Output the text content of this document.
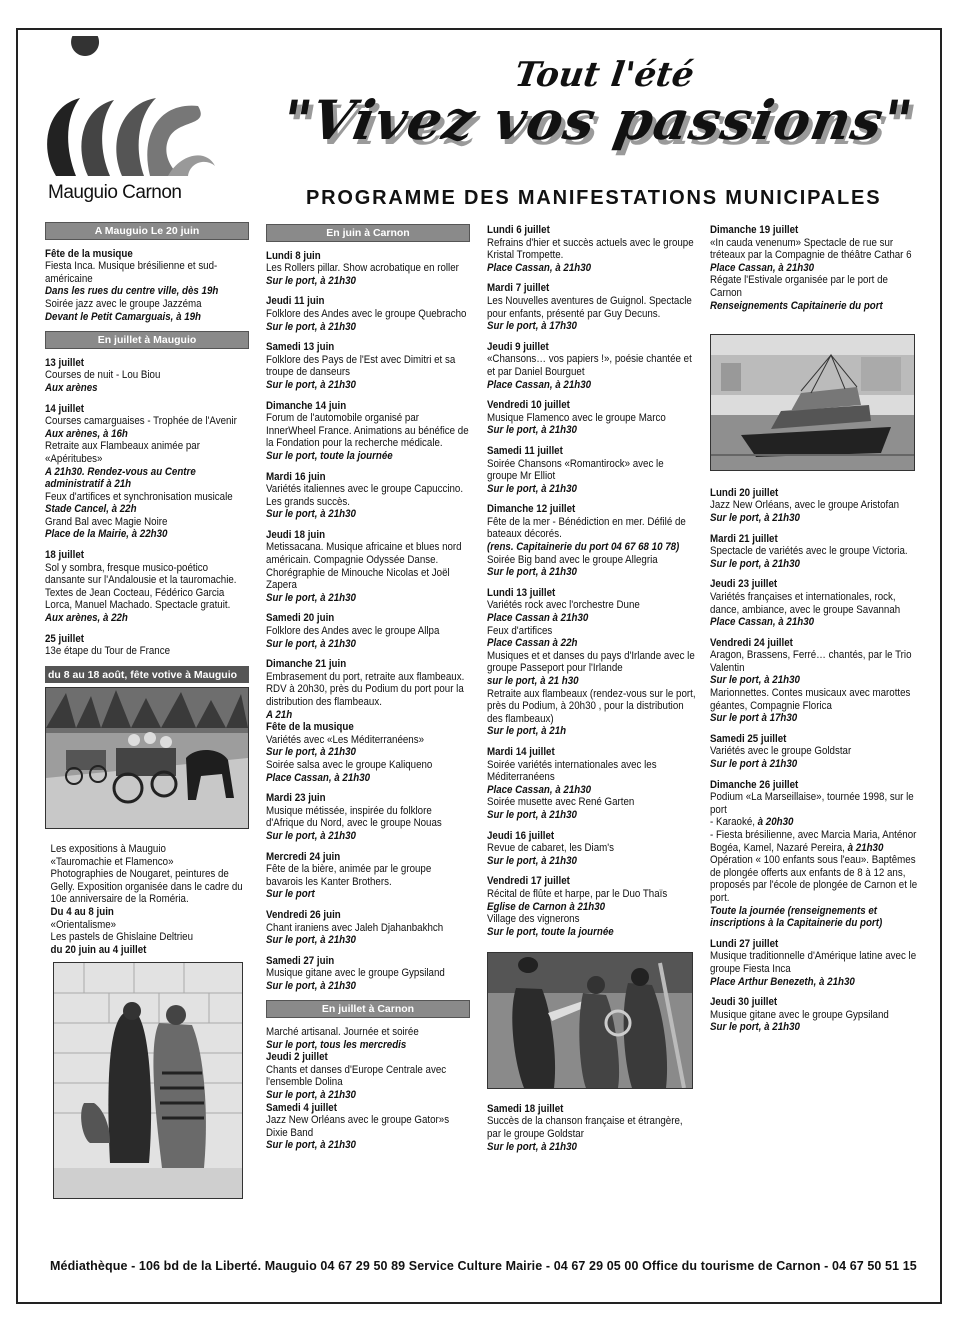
Mauguio Carnon
Tout l'été
"Vivez vos passions"
PROGRAMME DES MANIFESTATIONS MUNICIPALES
A Mauguio Le 20 juin
Fête de la musique
Fiesta Inca. Musique brésilienne et sud-américaine
Dans les rues du centre ville, dès 19h
Soirée jazz avec le groupe Jazzéma
Devant le Petit Camarguais, à 19h
En juillet à Mauguio
13 juillet
Courses de nuit - Lou Biou
Aux arènes
14 juillet
Courses camarguaises - Trophée de l'Avenir
Aux arènes, à 16h
Retraite aux Flambeaux animée par «Apéritubes»
A 21h30. Rendez-vous au Centre administratif à 21h
Feux d'artifices et synchronisation musicale
Stade Cancel, à 22h
Grand Bal avec Magie Noire
Place de la Mairie, à 22h30
18 juillet
Sol y sombra, fresque musico-poético dansante sur l'Andalousie et la tauromachie. Textes de Jean Cocteau, Fédérico Garcia Lorca, Manuel Machado. Spectacle gratuit.
Aux arènes, à 22h
25 juillet
13e étape du Tour de France
du 8 au 18 août, fête votive à Mauguio
Les expositions à Mauguio
«Tauromachie et Flamenco»
Photographies de Nougaret, peintures de Gelly. Exposition organisée dans le cadre du 10e anniversaire de la Roméria.
Du 4 au 8 juin
«Orientalisme»
Les pastels de Ghislaine Deltrieu
du 20 juin au 4 juillet
En juin à Carnon
Lundi 8 juin
Les Rollers pillar. Show acrobatique en roller
Sur le port, à 21h30
Jeudi 11 juin
Folklore des Andes avec le groupe Quebracho
Sur le port, à 21h30
Samedi 13 juin
Folklore des Pays de l'Est avec Dimitri et sa troupe de danseurs
Sur le port, à 21h30
Dimanche 14 juin
Forum de l'automobile organisé par InnerWheel France. Animations au bénéfice de la Fondation pour la recherche médicale.
Sur le port, toute la journée
Mardi 16 juin
Variétés italiennes avec le groupe Capuccino. Les grands succès.
Sur le port, à 21h30
Jeudi 18 juin
Metissacana. Musique africaine et blues nord américain. Compagnie Odyssée Danse. Chorégraphie de Minouche Nicolas et Joël Zapera
Sur le port, à 21h30
Samedi 20 juin
Folklore des Andes avec le groupe Allpa
Sur le port, à 21h30
Dimanche 21 juin
Embrasement du port, retraite aux flambeaux. RDV à 20h30, près du Podium du port pour la distribution des flambeaux.
A 21h
Fête de la musique
Variétés avec «Les Méditerranéens»
Sur le port, à 21h30
Soirée salsa avec le groupe Kaliqueno
Place Cassan, à 21h30
Mardi 23 juin
Musique métissée, inspirée du folklore d'Afrique du Nord, avec le groupe Nouas
Sur le port, à 21h30
Mercredi 24 juin
Fête de la bière, animée par le groupe bavarois les Kanter Brothers.
Sur le port
Vendredi 26 juin
Chant iraniens avec Jaleh Djahanbakhch
Sur le port, à 21h30
Samedi 27 juin
Musique gitane avec le groupe Gypsiland
Sur le port, à 21h30
En juillet à Carnon
Marché artisanal. Journée et soirée
Sur le port, tous les mercredis
Jeudi 2 juillet
Chants et danses d'Europe Centrale avec l'ensemble Dolina
Sur le port, à 21h30
Samedi 4 juillet
Jazz New Orléans avec le groupe Gator»s Dixie Band
Sur le port, à 21h30
Lundi 6 juillet
Refrains d'hier et succès actuels avec le groupe Kristal Trompette.
Place Cassan, à 21h30
Mardi 7 juillet
Les Nouvelles aventures de Guignol. Spectacle pour enfants, présenté par Guy Decuns.
Sur le port, à 17h30
Jeudi 9 juillet
«Chansons… vos papiers !», poésie chantée et et par Daniel Bourguet
Place Cassan, à 21h30
Vendredi 10 juillet
Musique Flamenco avec le groupe Marco
Sur le port, à 21h30
Samedi 11 juillet
Soirée Chansons «Romantirock» avec le groupe Mr Elliot
Sur le port, à 21h30
Dimanche 12 juillet
Fête de la mer - Bénédiction en mer. Défilé de bateaux décorés.
(rens. Capitainerie du port 04 67 68 10 78)
Soirée Big band avec le groupe Allegria
Sur le port, à 21h30
Lundi 13 juillet
Variétés rock avec l'orchestre Dune
Place Cassan à 21h30
Feux d'artifices
Place Cassan à 22h
Musiques et et danses du pays d'Irlande avec le groupe Passeport pour l'Irlande
sur le port, à 21 h30
Retraite aux flambeaux (rendez-vous sur le port, près du Podium, à 20h30 , pour la distribution des flambeaux)
Sur le port, à 21h
Mardi 14 juillet
Soirée variétés internationales avec les Méditerranéens
Place Cassan, à 21h30
Soirée musette avec René Garten
Sur le port, à 21h30
Jeudi 16 juillet
Revue de cabaret, les Diam's
Sur le port, à 21h30
Vendredi 17 juillet
Récital de flûte et harpe, par le Duo Thaïs
Eglise de Carnon à 21h30
Village des vignerons
Sur le port, toute la journée
Samedi 18 juillet
Succès de la chanson française et étrangère, par le groupe Goldstar
Sur le port, à 21h30
Dimanche 19 juillet
«In cauda venenum» Spectacle de rue sur tréteaux par la Compagnie de théâtre Cathar 6
Place Cassan, à 21h30
Régate l'Estivale organisée par le port de Carnon
Renseignements Capitainerie du port
Lundi 20 juillet
Jazz New Orléans, avec le groupe Aristofan
Sur le port, à 21h30
Mardi 21 juillet
Spectacle de variétés avec le groupe Victoria.
Sur le port, à 21h30
Jeudi 23 juillet
Variétés françaises et internationales, rock, dance, ambiance, avec le groupe Savannah
Place Cassan, à 21h30
Vendredi 24 juillet
Aragon, Brassens, Ferré… chantés, par le Trio Valentin
Sur le port, à 21h30
Marionnettes. Contes musicaux avec marottes géantes, Compagnie Florica
Sur le port à 17h30
Samedi 25 juillet
Variétés avec le groupe Goldstar
Sur le port à 21h30
Dimanche 26 juillet
Podium «La Marseillaise», tournée 1998, sur le port
- Karaoké, à 20h30
- Fiesta brésilienne, avec Marcia Maria, Anténor Bogéa, Kamel, Nazaré Pereira, à 21h30
Opération « 100 enfants sous l'eau». Baptêmes de plongée offerts aux enfants de 8 à 12 ans, proposés par l'école de plongée de Carnon et le port.
Toute la journée (renseignements et inscriptions à la Capitainerie du port)
Lundi 27 juillet
Musique traditionnelle d'Amérique latine avec le groupe Fiesta Inca
Place Arthur Benezeth, à 21h30
Jeudi 30 juillet
Musique gitane avec le groupe Gypsiland
Sur le port, à 21h30
Médiathèque - 106 bd de la Liberté. Mauguio 04 67 29 50 89 Service Culture Mairie - 04 67 29 05 00 Office du tourisme de Carnon - 04 67 50 51 15
